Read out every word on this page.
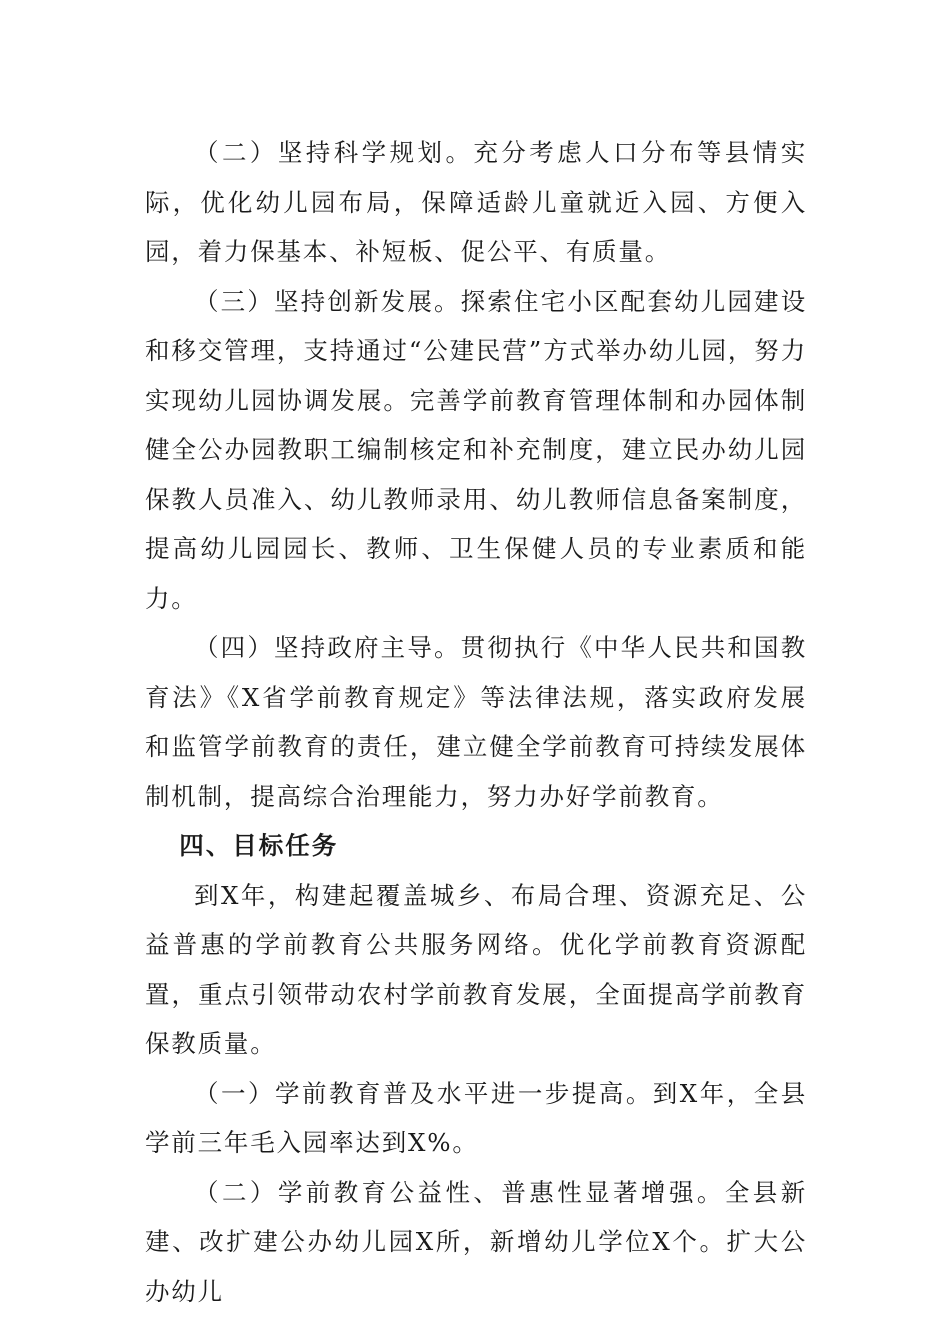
（二）坚持科学规划。充分考虑人口分布等县情实际，优化幼儿园布局，保障适龄儿童就近入园、方便入园，着力保基本、补短板、促公平、有质量。

（三）坚持创新发展。探索住宅小区配套幼儿园建设和移交管理，支持通过“公建民营”方式举办幼儿园，努力实现幼儿园协调发展。完善学前教育管理体制和办园体制健全公办园教职工编制核定和补充制度，建立民办幼儿园保教人员准入、幼儿教师录用、幼儿教师信息备案制度，提高幼儿园园长、教师、卫生保健人员的专业素质和能力。

（四）坚持政府主导。贯彻执行《中华人民共和国教育法》《X省学前教育规定》等法律法规，落实政府发展和监管学前教育的责任，建立健全学前教育可持续发展体制机制，提高综合治理能力，努力办好学前教育。

四、目标任务

到X年，构建起覆盖城乡、布局合理、资源充足、公益普惠的学前教育公共服务网络。优化学前教育资源配置，重点引领带动农村学前教育发展，全面提高学前教育保教质量。

（一）学前教育普及水平进一步提高。到X年，全县学前三年毛入园率达到X%。

（二）学前教育公益性、普惠性显著增强。全县新建、改扩建公办幼儿园X所，新增幼儿学位X个。扩大公办幼儿
